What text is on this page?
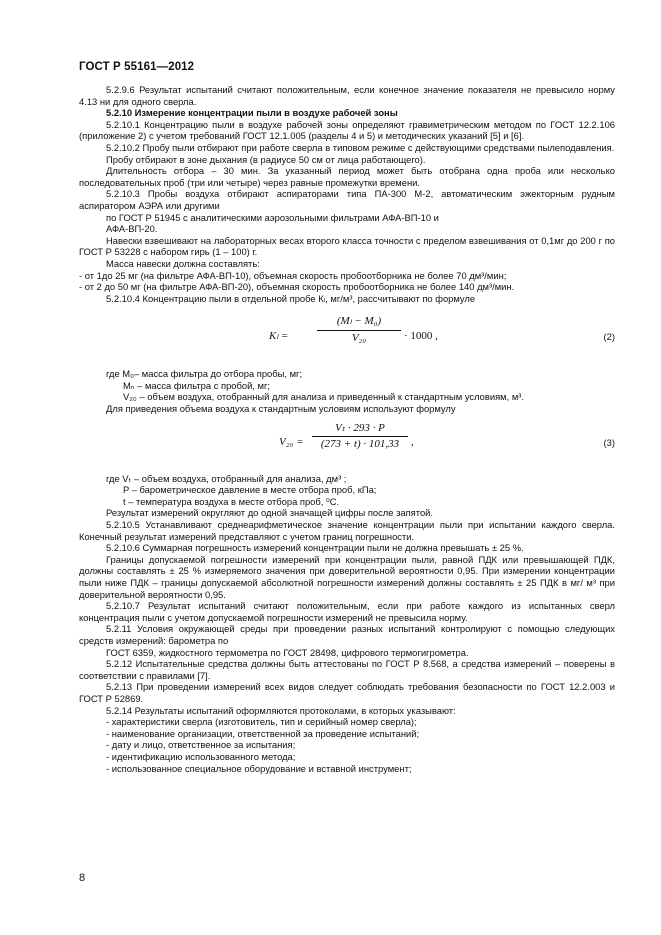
ГОСТ Р 55161—2012

5.2.9.6 Результат испытаний считают положительным, если конечное значение показателя не превысило норму 4.13 ни для одного сверла.

5.2.10 Измерение концентрации пыли в воздухе рабочей зоны

5.2.10.1 Концентрацию пыли в воздухе рабочей зоны определяют гравиметрическим методом по ГОСТ 12.2.106 (приложение 2) с учетом требований ГОСТ 12.1.005 (разделы 4 и 5) и методических указаний [5] и [6].

5.2.10.2 Пробу пыли отбирают при работе сверла в типовом режиме с действующими средствами пылеподавления.

Пробу отбирают в зоне дыхания (в радиусе 50 см от лица работающего).

Длительность отбора – 30 мин. За указанный период может быть отобрана одна проба или несколько последовательных проб (три или четыре) через равные промежутки времени.

5.2.10.3 Пробы воздуха отбирают аспираторами типа ПА-300 М-2, автоматическим эжекторным рудным аспиратором АЭРА или другими

по ГОСТ Р 51945 с аналитическими аэрозольными фильтрами АФА-ВП-10 и

АФА-ВП-20.

Навески взвешивают на лабораторных весах второго класса точности с пределом взвешивания от 0,1мг до 200 г по ГОСТ Р 53228 с набором гирь (1 – 100) г.

Масса навески должна составлять:

- от 1до 25 мг (на фильтре АФА-ВП-10), объемная скорость пробоотборника не более 70 дм³/мин;

- от 2 до 50 мг (на фильтре АФА-ВП-20), объемная скорость пробоотборника не более 140 дм³/мин.

5.2.10.4 Концентрацию пыли в отдельной пробе Кₗ, мг/м³, рассчитывают по формуле

Kₗ =	$\frac{\text{(Mₗ − M₀)}}{\text{V₂₀}} \cdot 1000$ ,	(2)

где M₀– масса фильтра до отбора пробы, мг;

Mₙ – масса фильтра с пробой, мг;

V₂₀ – объем воздуха, отобранный для анализа и приведенный к стандартным условиям, м³.

Для приведения объема воздуха к стандартным условиям используют формулу

$V_{20} = \frac{\text{Vₜ · 293 · P}}{(273 + t) \cdot 101,33}$ ,	(3)

где Vₜ – объем воздуха, отобранный для анализа, дм³ ;

P – барометрическое давление в месте отбора проб, кПа;

t – температура воздуха в месте отбора проб, ⁰С.

Результат измерений округляют до одной значащей цифры после запятой.

5.2.10.5 Устанавливают среднеарифметическое значение концентрации пыли при испытании каждого сверла. Конечный результат измерений представляют с учетом границ погрешности.

5.2.10.6 Суммарная погрешность измерений концентрации пыли не должна превышать ± 25 %.

Границы допускаемой погрешности измерений при концентрации пыли, равной ПДК или превышающей ПДК, должны составлять ± 25 % измеряемого значения при доверительной вероятности 0,95. При измерении концентрации пыли ниже ПДК – границы допускаемой абсолютной погрешности измерений должны составлять ± 25 ПДК в мг/ м³ при доверительной вероятности 0,95.

5.2.10.7 Результат испытаний считают положительным, если при работе каждого из испытанных сверл концентрация пыли с учетом допускаемой погрешности измерений не превысила норму.

5.2.11 Условия окружающей среды при проведении разных испытаний контролируют с помощью следующих средств измерений: барометра по

ГОСТ 6359, жидкостного термометра по ГОСТ 28498, цифрового термогигрометра.

5.2.12 Испытательные средства должны быть аттестованы по ГОСТ Р 8.568, а средства измерений – поверены в соответствии с правилами [7].

5.2.13 При проведении измерений всех видов следует соблюдать требования безопасности по ГОСТ 12.2.003 и ГОСТ Р 52869.

5.2.14 Результаты испытаний оформляются протоколами, в которых указывают:

- характеристики сверла (изготовитель, тип и серийный номер сверла);

- наименование организации, ответственной за проведение испытаний;

- дату и лицо, ответственное за испытания;

- идентификацию использованного метода;

- использованное специальное оборудование и вставной инструмент;

8
